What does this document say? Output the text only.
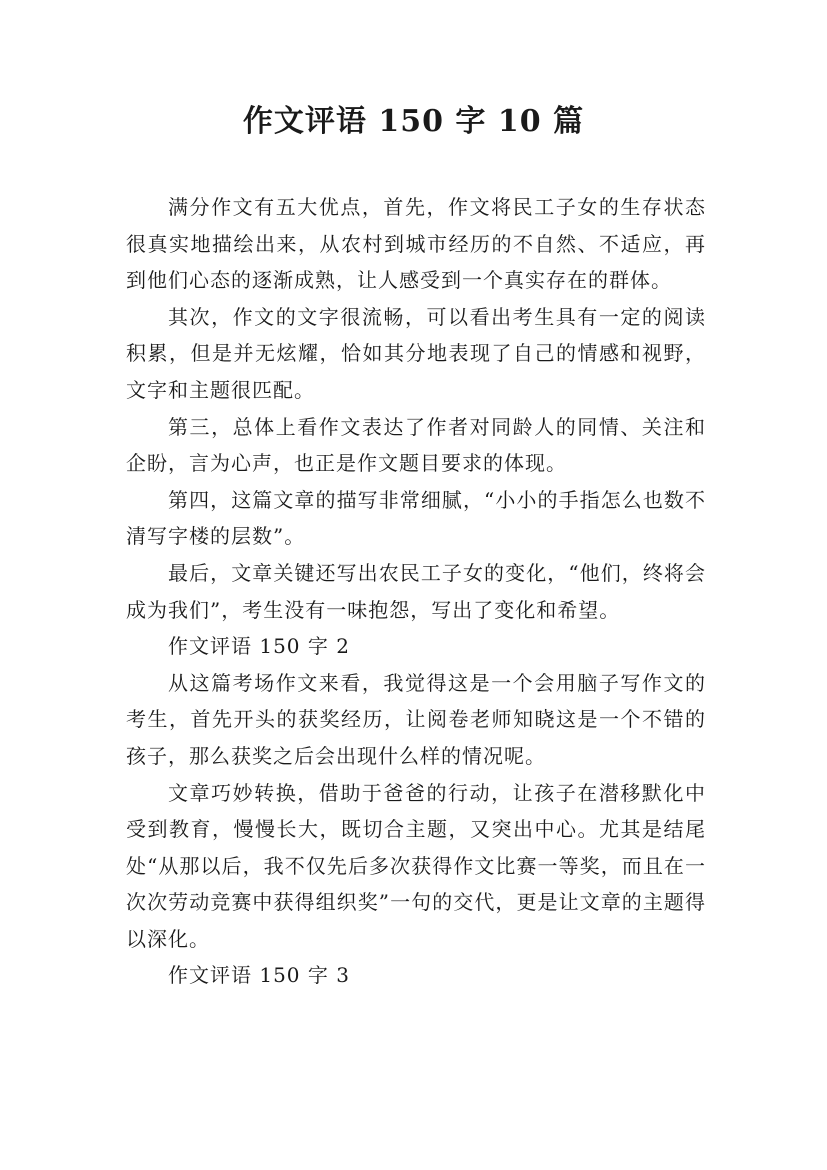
作文评语 150 字 10 篇

满分作文有五大优点，首先，作文将民工子女的生存状态很真实地描绘出来，从农村到城市经历的不自然、不适应，再到他们心态的逐渐成熟，让人感受到一个真实存在的群体。

其次，作文的文字很流畅，可以看出考生具有一定的阅读积累，但是并无炫耀，恰如其分地表现了自己的情感和视野，文字和主题很匹配。

第三，总体上看作文表达了作者对同龄人的同情、关注和企盼，言为心声，也正是作文题目要求的体现。

第四，这篇文章的描写非常细腻，“小小的手指怎么也数不清写字楼的层数”。

最后，文章关键还写出农民工子女的变化，“他们，终将会成为我们”，考生没有一味抱怨，写出了变化和希望。

作文评语 150 字 2

从这篇考场作文来看，我觉得这是一个会用脑子写作文的考生，首先开头的获奖经历，让阅卷老师知晓这是一个不错的孩子，那么获奖之后会出现什么样的情况呢。

文章巧妙转换，借助于爸爸的行动，让孩子在潜移默化中受到教育，慢慢长大，既切合主题，又突出中心。尤其是结尾处“从那以后，我不仅先后多次获得作文比赛一等奖，而且在一次次劳动竞赛中获得组织奖”一句的交代，更是让文章的主题得以深化。

作文评语 150 字 3
